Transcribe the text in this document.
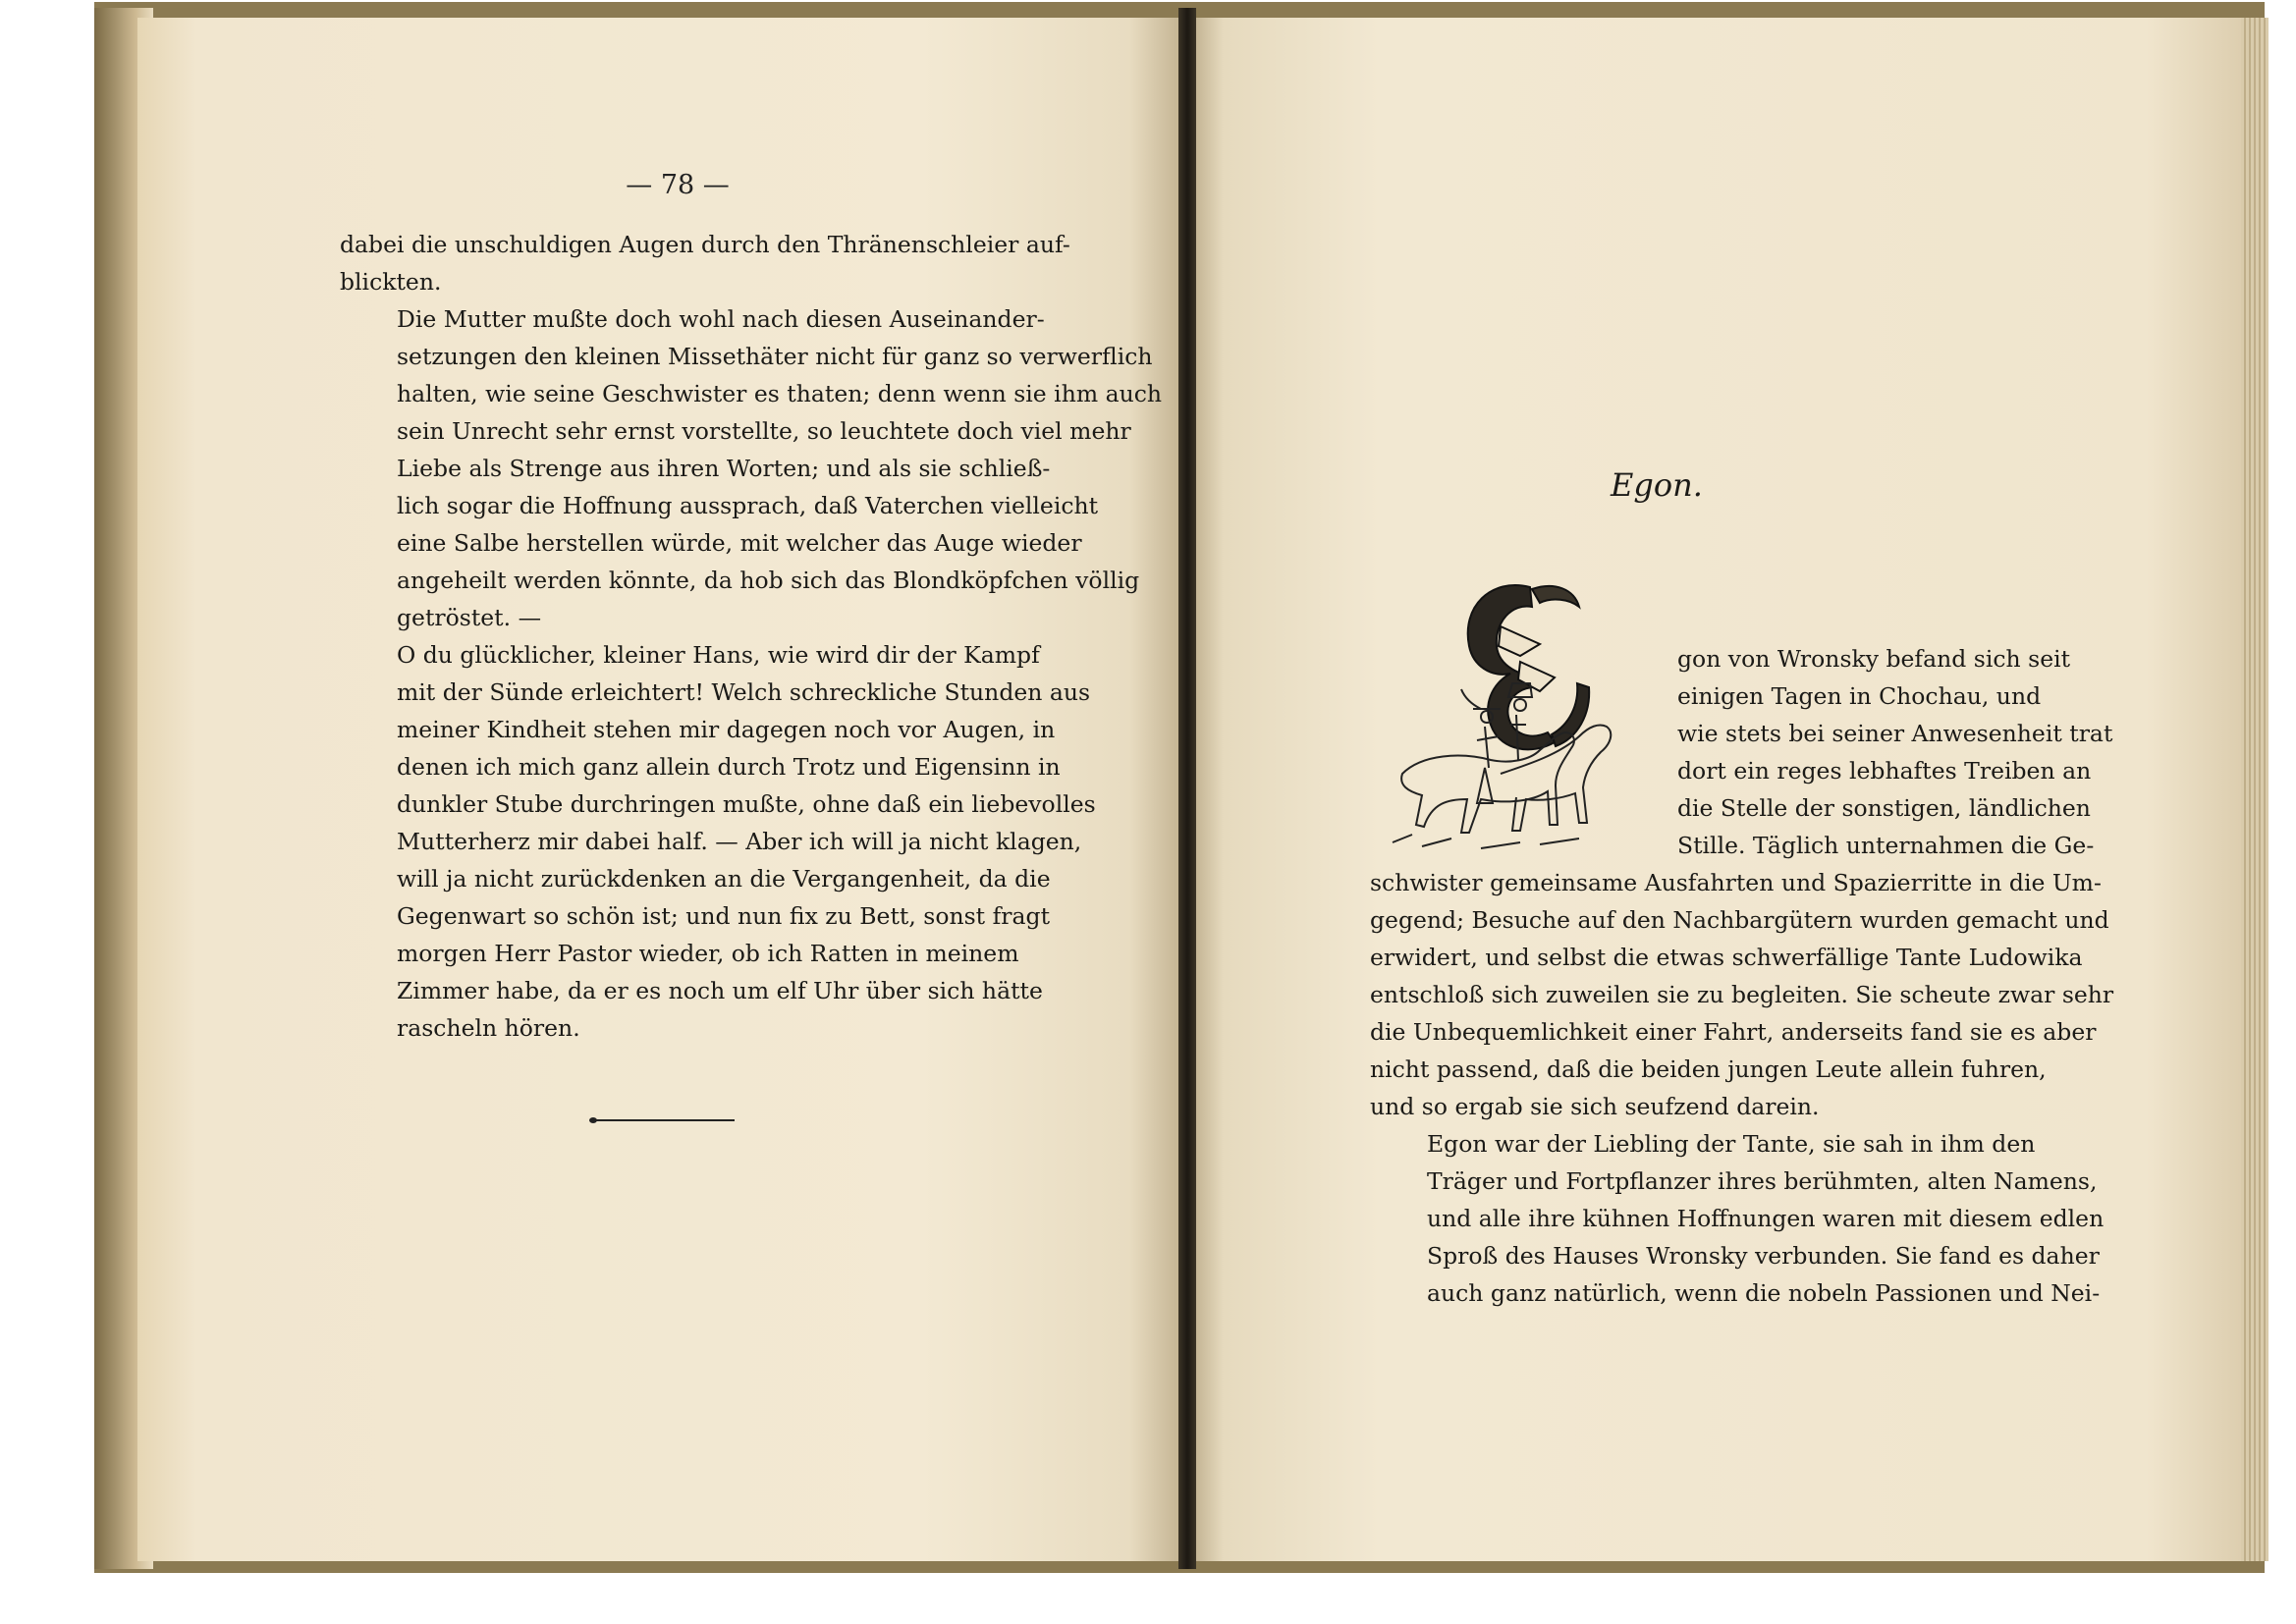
— 78 —

dabei die unschuldigen Augen durch den Thränenschleier auf-
blickten.

Die Mutter mußte doch wohl nach diesen Auseinander-
setzungen den kleinen Missethäter nicht für ganz so verwerflich
halten, wie seine Geschwister es thaten; denn wenn sie ihm auch
sein Unrecht sehr ernst vorstellte, so leuchtete doch viel mehr
Liebe als Strenge aus ihren Worten; und als sie schließ-
lich sogar die Hoffnung aussprach, daß Vaterchen vielleicht
eine Salbe herstellen würde, mit welcher das Auge wieder
angeheilt werden könnte, da hob sich das Blondköpfchen völlig
getröstet. —

O du glücklicher, kleiner Hans, wie wird dir der Kampf
mit der Sünde erleichtert! Welch schreckliche Stunden aus
meiner Kindheit stehen mir dagegen noch vor Augen, in
denen ich mich ganz allein durch Trotz und Eigensinn in
dunkler Stube durchringen mußte, ohne daß ein liebevolles
Mutterherz mir dabei half. — Aber ich will ja nicht klagen,
will ja nicht zurückdenken an die Vergangenheit, da die
Gegenwart so schön ist; und nun fix zu Bett, sonst fragt
morgen Herr Pastor wieder, ob ich Ratten in meinem
Zimmer habe, da er es noch um elf Uhr über sich hätte
rascheln hören.

Egon.

gon von Wronsky befand sich seit
einigen Tagen in Chochau, und
wie stets bei seiner Anwesenheit trat
dort ein reges lebhaftes Treiben an
die Stelle der sonstigen, ländlichen
Stille. Täglich unternahmen die Ge-

schwister gemeinsame Ausfahrten und Spazierritte in die Um-
gegend; Besuche auf den Nachbargütern wurden gemacht und
erwidert, und selbst die etwas schwerfällige Tante Ludowika
entschloß sich zuweilen sie zu begleiten. Sie scheute zwar sehr
die Unbequemlichkeit einer Fahrt, anderseits fand sie es aber
nicht passend, daß die beiden jungen Leute allein fuhren,
und so ergab sie sich seufzend darein.

Egon war der Liebling der Tante, sie sah in ihm den
Träger und Fortpflanzer ihres berühmten, alten Namens,
und alle ihre kühnen Hoffnungen waren mit diesem edlen
Sproß des Hauses Wronsky verbunden. Sie fand es daher
auch ganz natürlich, wenn die nobeln Passionen und Nei-
